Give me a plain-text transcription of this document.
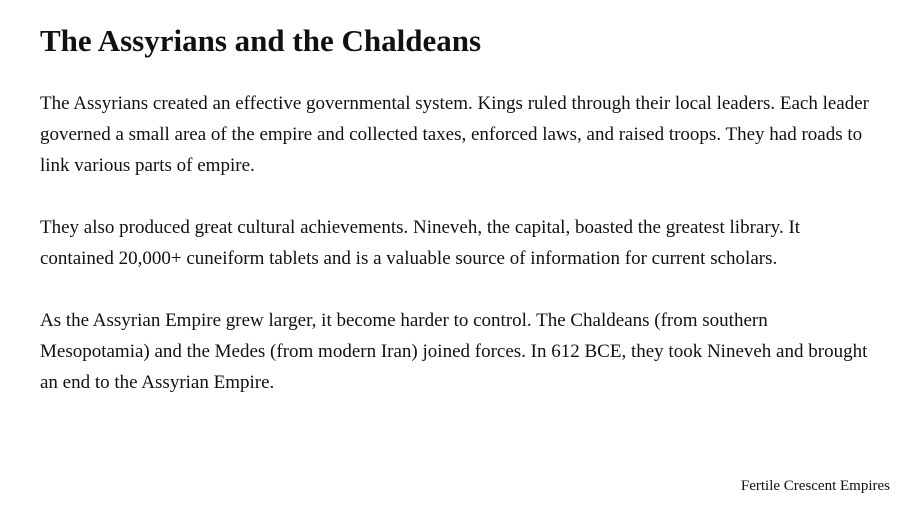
The Assyrians and the Chaldeans

The Assyrians created an effective governmental system. Kings ruled through their local leaders. Each leader governed a small area of the empire and collected taxes, enforced laws, and raised troops. They had roads to link various parts of empire.

They also produced great cultural achievements. Nineveh, the capital, boasted the greatest library. It contained 20,000+ cuneiform tablets and is a valuable source of information for current scholars.

As the Assyrian Empire grew larger, it become harder to control. The Chaldeans (from southern Mesopotamia) and the Medes (from modern Iran) joined forces. In 612 BCE, they took Nineveh and brought an end to the Assyrian Empire.

Fertile Crescent Empires
